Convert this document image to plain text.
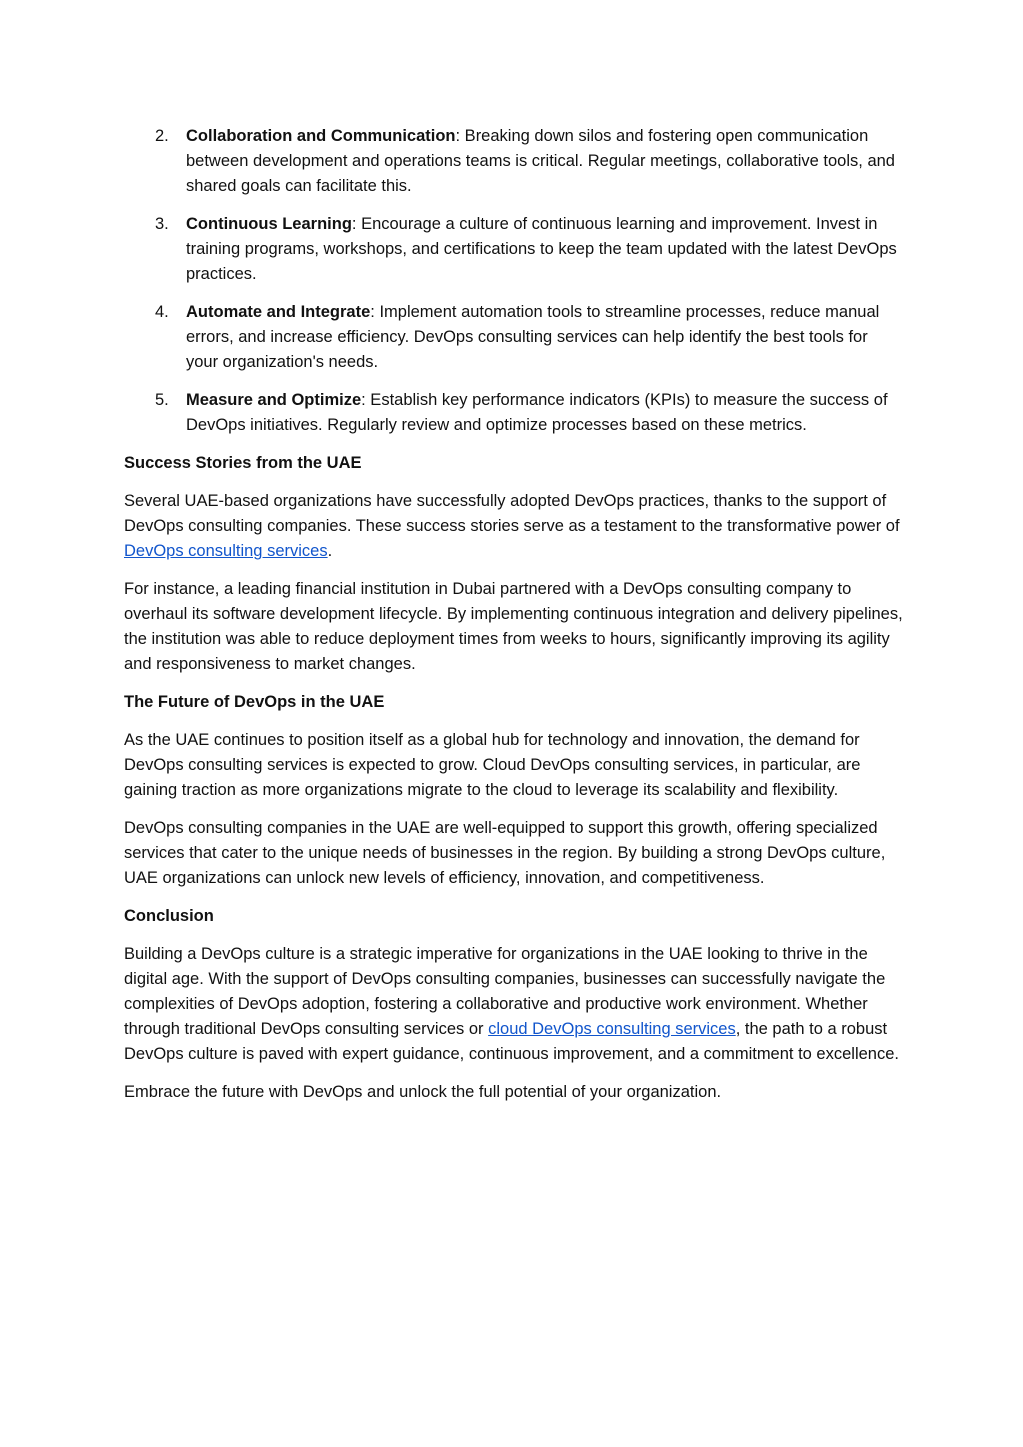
2. Collaboration and Communication: Breaking down silos and fostering open communication between development and operations teams is critical. Regular meetings, collaborative tools, and shared goals can facilitate this.
3. Continuous Learning: Encourage a culture of continuous learning and improvement. Invest in training programs, workshops, and certifications to keep the team updated with the latest DevOps practices.
4. Automate and Integrate: Implement automation tools to streamline processes, reduce manual errors, and increase efficiency. DevOps consulting services can help identify the best tools for your organization's needs.
5. Measure and Optimize: Establish key performance indicators (KPIs) to measure the success of DevOps initiatives. Regularly review and optimize processes based on these metrics.
Success Stories from the UAE

Several UAE-based organizations have successfully adopted DevOps practices, thanks to the support of DevOps consulting companies. These success stories serve as a testament to the transformative power of DevOps consulting services.

For instance, a leading financial institution in Dubai partnered with a DevOps consulting company to overhaul its software development lifecycle. By implementing continuous integration and delivery pipelines, the institution was able to reduce deployment times from weeks to hours, significantly improving its agility and responsiveness to market changes.

The Future of DevOps in the UAE

As the UAE continues to position itself as a global hub for technology and innovation, the demand for DevOps consulting services is expected to grow. Cloud DevOps consulting services, in particular, are gaining traction as more organizations migrate to the cloud to leverage its scalability and flexibility.

DevOps consulting companies in the UAE are well-equipped to support this growth, offering specialized services that cater to the unique needs of businesses in the region. By building a strong DevOps culture, UAE organizations can unlock new levels of efficiency, innovation, and competitiveness.

Conclusion

Building a DevOps culture is a strategic imperative for organizations in the UAE looking to thrive in the digital age. With the support of DevOps consulting companies, businesses can successfully navigate the complexities of DevOps adoption, fostering a collaborative and productive work environment. Whether through traditional DevOps consulting services or cloud DevOps consulting services, the path to a robust DevOps culture is paved with expert guidance, continuous improvement, and a commitment to excellence.

Embrace the future with DevOps and unlock the full potential of your organization.
